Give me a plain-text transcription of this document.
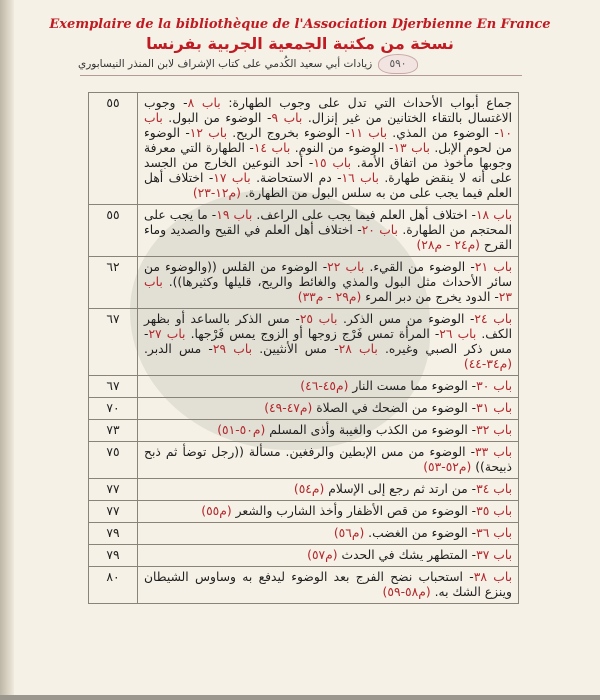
Exemplaire de la bibliothèque de l'Association Djerbienne En France
نسخة من مكتبة الجمعية الجربية بفرنسا
زيادات أبي سعيد الكُدمي على كتاب الإشراف لابن المنذر النيسابوري	٥٩٠
جماع أبواب الأحداث التي تدل على وجوب الطهارة: باب ٨- وجوب الاغتسال بالتقاء الختانين من غير إنزال. باب ٩- الوضوء من البول. باب ١٠- الوضوء من المذي. باب ١١- الوضوء بخروج الريح. باب ١٢- الوضوء من لحوم الإبل. باب ١٣- الوضوء من النوم. باب ١٤- الطهارة التي معرفة وجوبها مأخوذ من اتفاق الأمة. باب ١٥- أحد النوعين الخارج من الجسد على أنه لا ينقض طهارة. باب ١٦- دم الاستحاضة. باب ١٧- اختلاف أهل العلم فيما يجب على من به سلس البول من الطهارة. (م١٢-٢٣)	٥٥
باب ١٨- اختلاف أهل العلم فيما يجب على الراعف. باب ١٩- ما يجب على المحتجم من الطهارة. باب ٢٠- اختلاف أهل العلم في القيح والصديد وماء القرح (م٢٤ - م٢٨)	٥٥
باب ٢١- الوضوء من القيء. باب ٢٢- الوضوء من القلس ((والوضوء من سائر الأحداث مثل البول والمذي والغائط والريح، قليلها وكثيرها)). باب ٢٣- الدود يخرج من دبر المرء (م٢٩ - م٣٣)	٦٢
باب ٢٤- الوضوء من مس الذكر. باب ٢٥- مس الذكر بالساعد أو بظهر الكف. باب ٢٦- المرأة تمس فَرْج زوجها أو الزوج يمس فَرْجها. باب ٢٧- مس ذكر الصبي وغيره. باب ٢٨- مس الأنثيين. باب ٢٩- مس الدبر. (م٣٤-٤٤)	٦٧
باب ٣٠- الوضوء مما مست النار (م٤٥-٤٦)	٦٧
باب ٣١- الوضوء من الضحك في الصلاة (م٤٧-٤٩)	٧٠
باب ٣٢- الوضوء من الكذب والغيبة وأذى المسلم (م٥٠-٥١)	٧٣
باب ٣٣- الوضوء من مس الإبطين والرفغين. مسألة ((رجل توضأ ثم ذبح ذبيحة)) (م٥٢-٥٣)	٧٥
باب ٣٤- من ارتد ثم رجع إلى الإسلام (م٥٤)	٧٧
باب ٣٥- الوضوء من قص الأظفار وأخذ الشارب والشعر (م٥٥)	٧٧
باب ٣٦- الوضوء من الغضب. (م٥٦)	٧٩
باب ٣٧- المتطهر يشك في الحدث (م٥٧)	٧٩
باب ٣٨- استحباب نضح الفرج بعد الوضوء ليدفع به وساوس الشيطان وينزع الشك به. (م٥٨-٥٩)	٨٠
